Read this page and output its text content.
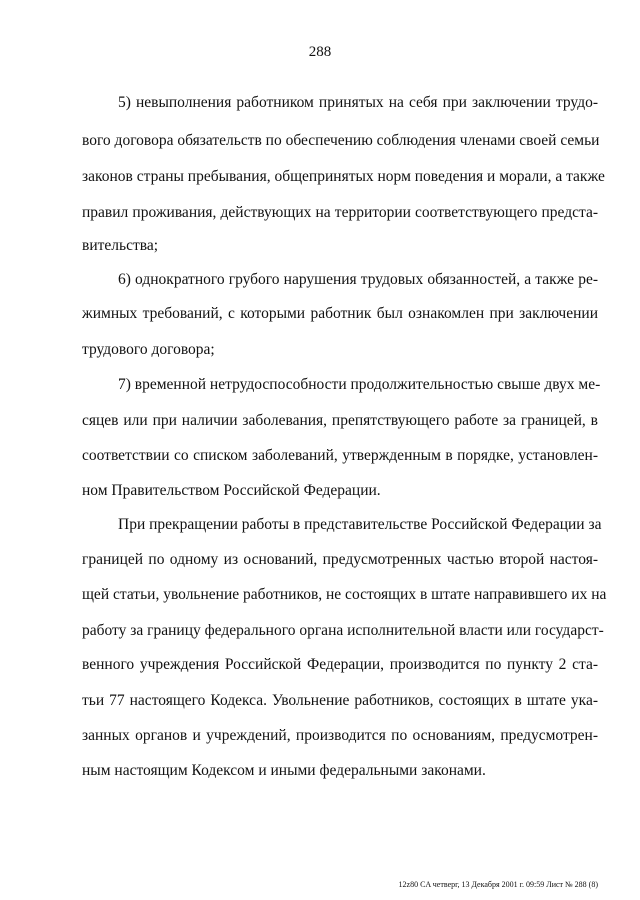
288
5) невыполнения работником принятых на себя при заключении трудо-
вого договора обязательств по обеспечению соблюдения членами своей семьи
законов страны пребывания, общепринятых норм поведения и морали, а также
правил проживания, действующих на территории соответствующего предста-
вительства;
6) однократного грубого нарушения трудовых обязанностей, а также ре-
жимных требований, с которыми работник был ознакомлен при заключении
трудового договора;
7) временной нетрудоспособности продолжительностью свыше двух ме-
сяцев или при наличии заболевания, препятствующего работе за границей, в
соответствии со списком заболеваний, утвержденным в порядке, установлен-
ном Правительством Российской Федерации.
При прекращении работы в представительстве Российской Федерации за
границей по одному из оснований, предусмотренных частью второй настоя-
щей статьи, увольнение работников, не состоящих в штате направившего их на
работу за границу федерального органа исполнительной власти или государст-
венного учреждения Российской Федерации, производится по пункту 2 ста-
тьи 77 настоящего Кодекса. Увольнение работников, состоящих в штате ука-
занных органов и учреждений, производится по основаниям, предусмотрен-
ным настоящим Кодексом и иными федеральными законами.
12z80 CA четверг, 13 Декабря 2001 г. 09:59 Лист № 288 (8)
